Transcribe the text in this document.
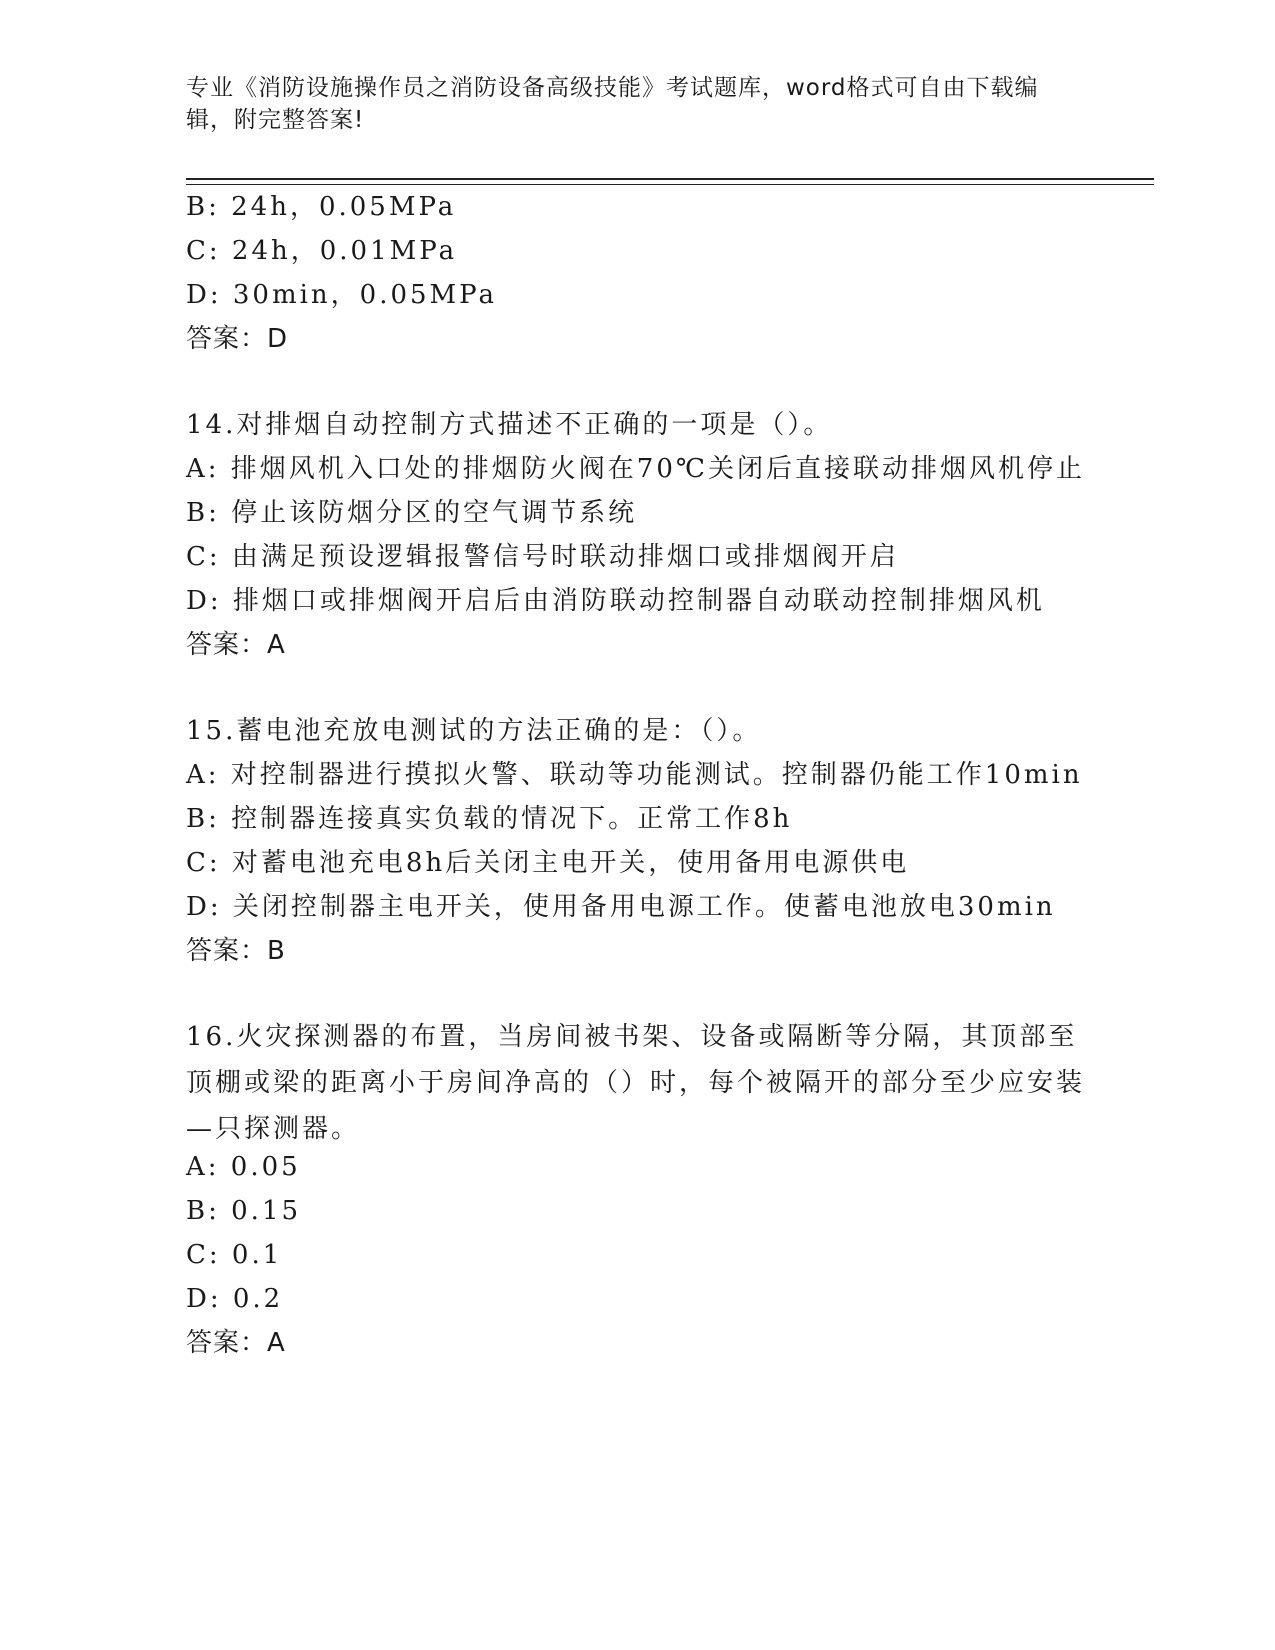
专业《消防设施操作员之消防设备高级技能》考试题库，word格式可自由下载编辑，附完整答案!

B: 24h，0.05MPa

C: 24h，0.01MPa

D: 30min，0.05MPa

答案：D

14.对排烟自动控制方式描述不正确的一项是（）。

A: 排烟风机入口处的排烟防火阀在70℃关闭后直接联动排烟风机停止

B: 停止该防烟分区的空气调节系统

C: 由满足预设逻辑报警信号时联动排烟口或排烟阀开启

D: 排烟口或排烟阀开启后由消防联动控制器自动联动控制排烟风机

答案：A

15.蓄电池充放电测试的方法正确的是：（）。

A: 对控制器进行摸拟火警、联动等功能测试。控制器仍能工作10min

B: 控制器连接真实负载的情况下。正常工作8h

C: 对蓄电池充电8h后关闭主电开关，使用备用电源供电

D: 关闭控制器主电开关，使用备用电源工作。使蓄电池放电30min

答案：B

16.火灾探测器的布置，当房间被书架、设备或隔断等分隔，其顶部至顶棚或梁的距离小于房间净高的（）时，每个被隔开的部分至少应安装—只探测器。

A: 0.05

B: 0.15

C: 0.1

D: 0.2

答案：A
